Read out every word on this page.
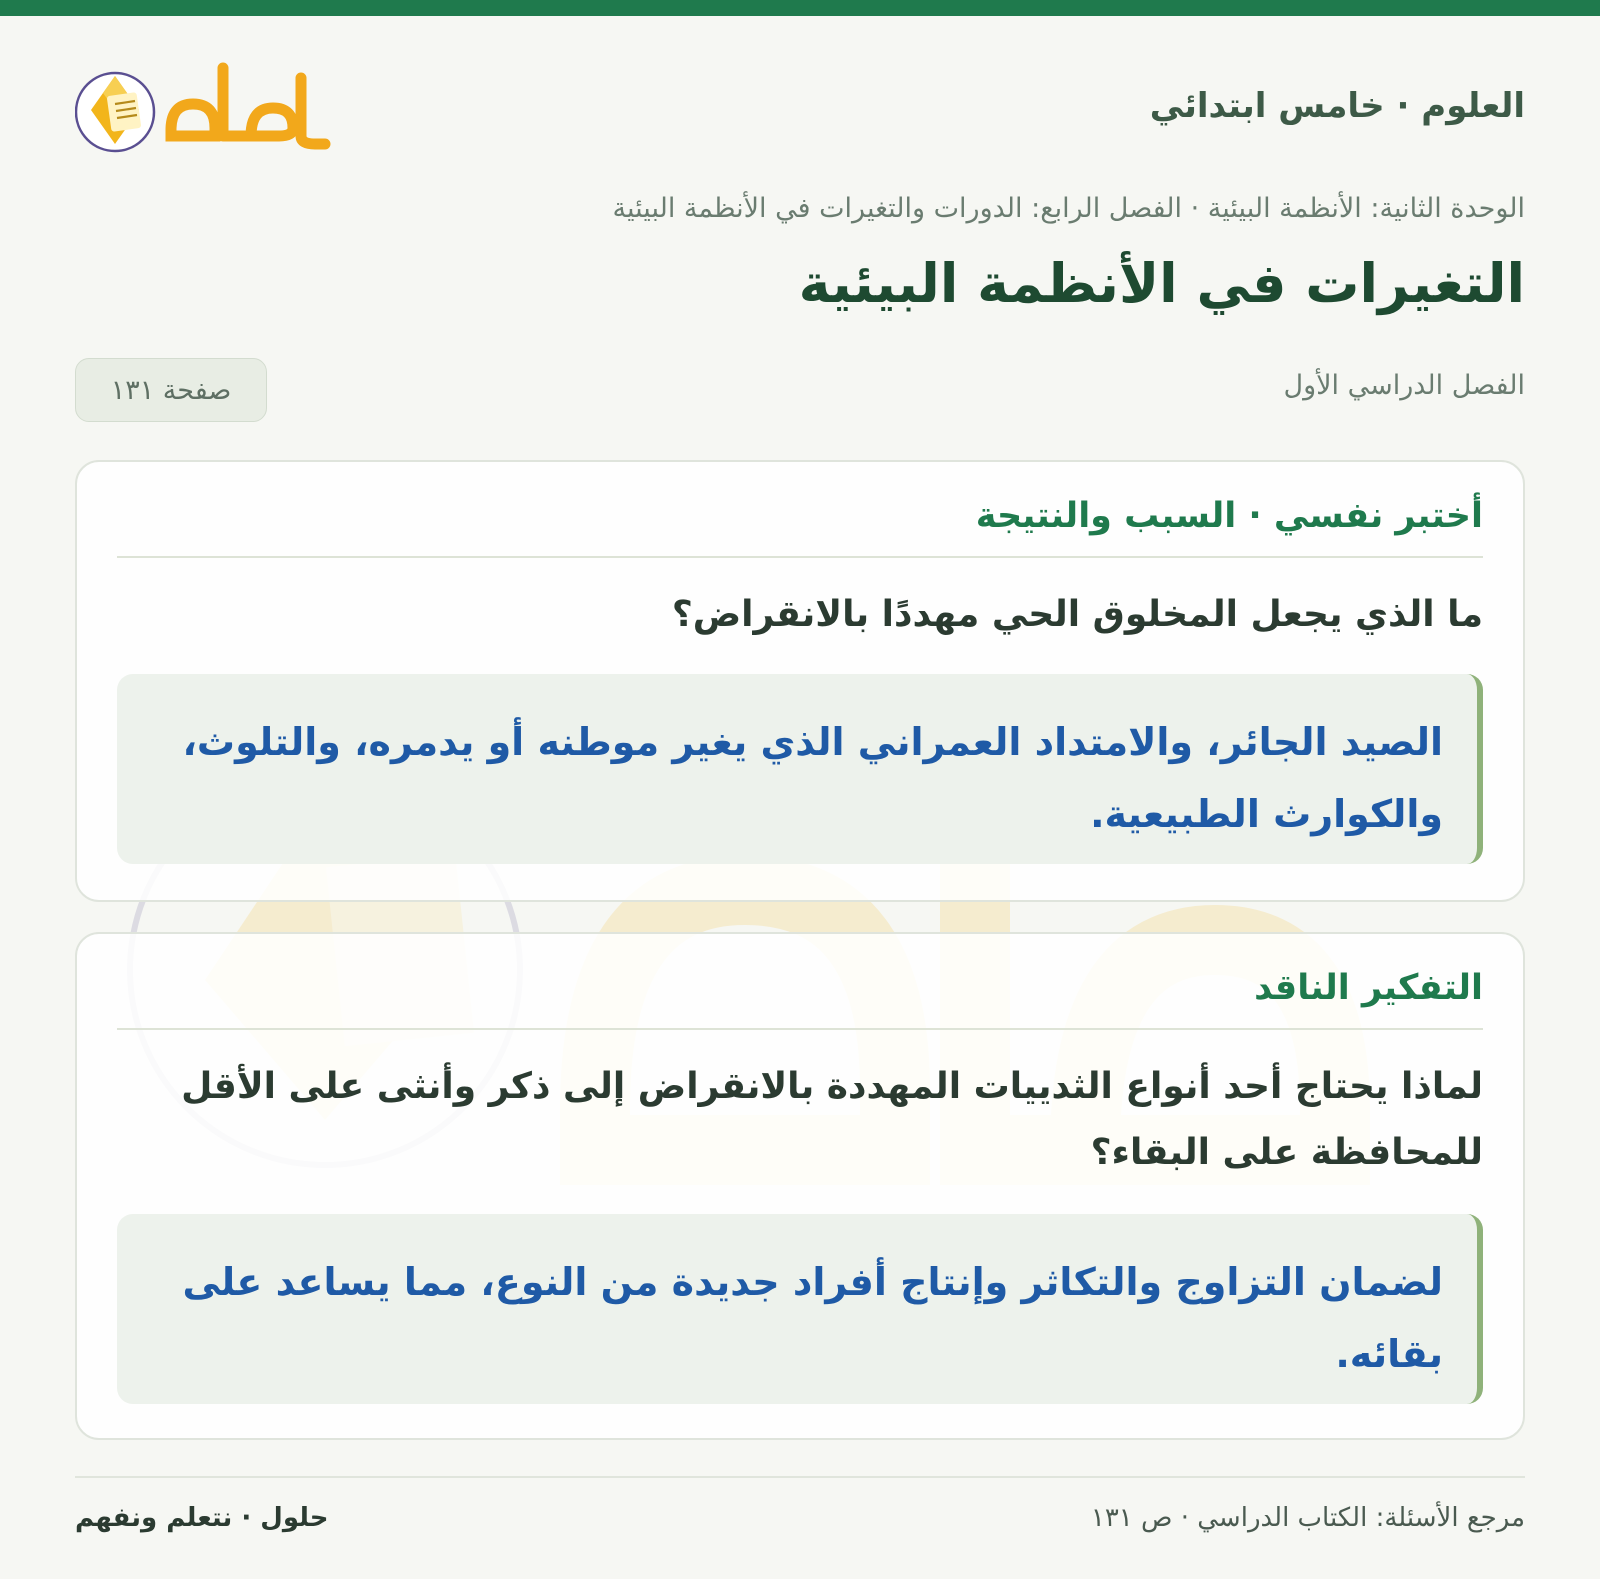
العلوم · خامس ابتدائي
الوحدة الثانية: الأنظمة البيئية · الفصل الرابع: الدورات والتغيرات في الأنظمة البيئية
التغيرات في الأنظمة البيئية
الفصل الدراسي الأول
صفحة ١٣١
أختبر نفسي · السبب والنتيجة
ما الذي يجعل المخلوق الحي مهددًا بالانقراض؟
الصيد الجائر، والامتداد العمراني الذي يغير موطنه أو يدمره، والتلوث، والكوارث الطبيعية.
التفكير الناقد
لماذا يحتاج أحد أنواع الثدييات المهددة بالانقراض إلى ذكر وأنثى على الأقل للمحافظة على البقاء؟
لضمان التزاوج والتكاثر وإنتاج أفراد جديدة من النوع، مما يساعد على بقائه.
مرجع الأسئلة: الكتاب الدراسي · ص ١٣١
حلول · نتعلم ونفهم
